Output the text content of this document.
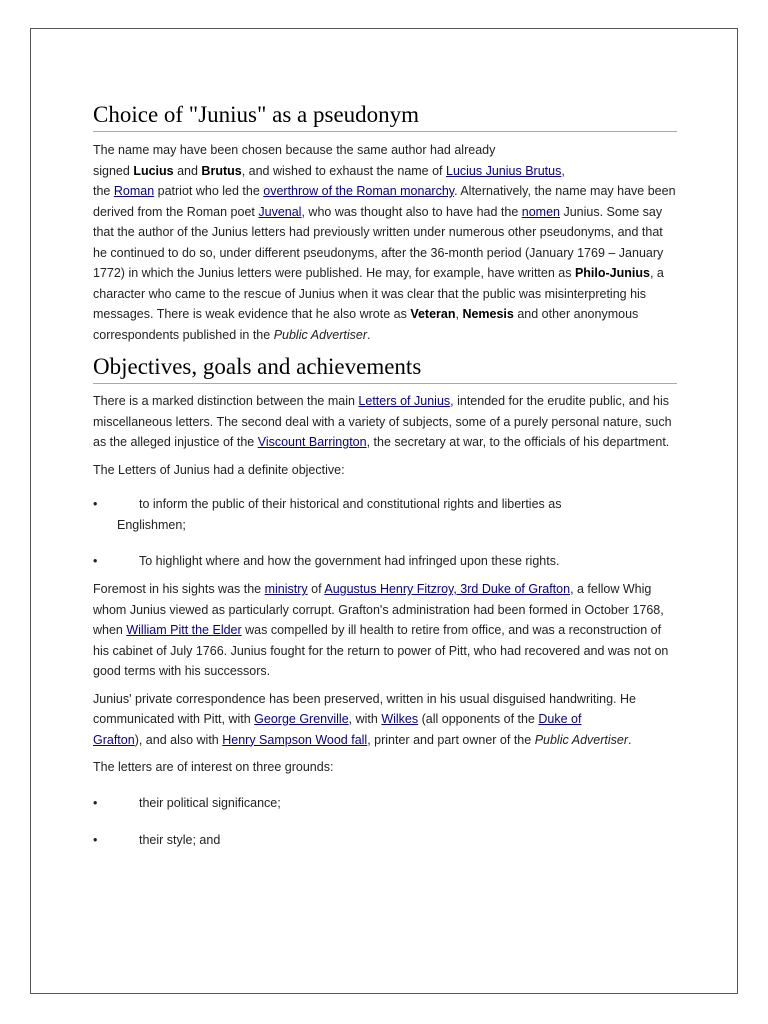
Choice of "Junius" as a pseudonym

The name may have been chosen because the same author had already
signed Lucius and Brutus, and wished to exhaust the name of Lucius Junius Brutus,
the Roman patriot who led the overthrow of the Roman monarchy. Alternatively, the name may have been derived from the Roman poet Juvenal, who was thought also to have had the nomen Junius. Some say that the author of the Junius letters had previously written under numerous other pseudonyms, and that he continued to do so, under different pseudonyms, after the 36-month period (January 1769 – January 1772) in which the Junius letters were published. He may, for example, have written as Philo-Junius, a character who came to the rescue of Junius when it was clear that the public was misinterpreting his messages. There is weak evidence that he also wrote as Veteran, Nemesis and other anonymous correspondents published in the Public Advertiser.

Objectives, goals and achievements

There is a marked distinction between the main Letters of Junius, intended for the erudite public, and his miscellaneous letters. The second deal with a variety of subjects, some of a purely personal nature, such as the alleged injustice of the Viscount Barrington, the secretary at war, to the officials of his department.

The Letters of Junius had a definite objective:

•	to inform the public of their historical and constitutional rights and liberties as
Englishmen;
•	To highlight where and how the government had infringed upon these rights.

Foremost in his sights was the ministry of Augustus Henry Fitzroy, 3rd Duke of Grafton, a fellow Whig whom Junius viewed as particularly corrupt. Grafton's administration had been formed in October 1768, when William Pitt the Elder was compelled by ill health to retire from office, and was a reconstruction of his cabinet of July 1766. Junius fought for the return to power of Pitt, who had recovered and was not on good terms with his successors.

Junius' private correspondence has been preserved, written in his usual disguised handwriting. He communicated with Pitt, with George Grenville, with Wilkes (all opponents of the Duke of
Grafton), and also with Henry Sampson Wood fall, printer and part owner of the Public Advertiser.

The letters are of interest on three grounds:

•	their political significance;
•	their style; and
